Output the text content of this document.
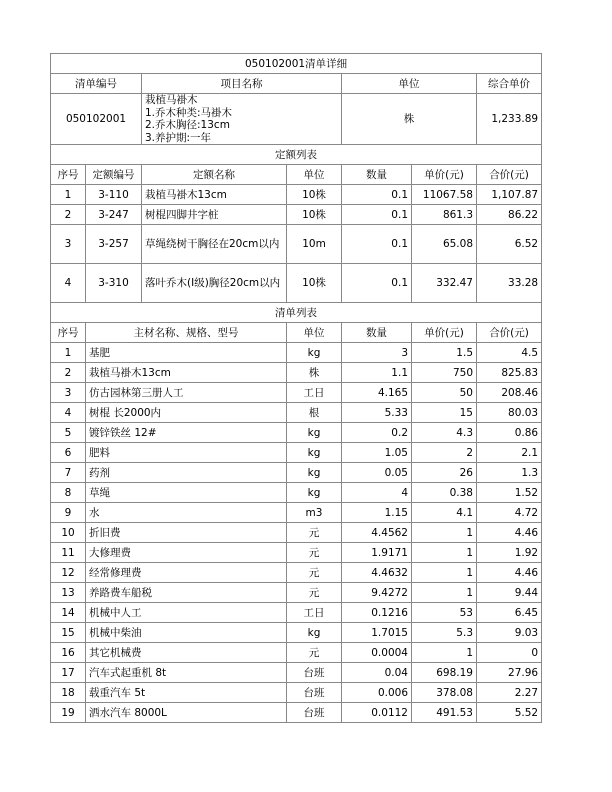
050102001清单详细						
清单编号		项目名称		单位		综合单价
050102001		栽植马褂木
1.乔木种类:马褂木
2.乔木胸径:13cm
3.养护期:一年		株		1,233.89
定额列表						
序号	定额编号	定额名称	单位	数量	单价(元)	合价(元)
1	3-110	栽植马褂木13cm	10株	0.1	11067.58	1,107.87
2	3-247	树棍四脚井字桩	10株	0.1	861.3	86.22
3	3-257	草绳绕树干胸径在20cm以内	10m	0.1	65.08	6.52
4	3-310	落叶乔木(I级)胸径20cm以内	10株	0.1	332.47	33.28
清单列表						
序号	主材名称、规格、型号		单位	数量	单价(元)	合价(元)
1	基肥		kg	3	1.5	4.5
2	栽植马褂木13cm		株	1.1	750	825.83
3	仿古园林第三册人工		工日	4.165	50	208.46
4	树棍 长2000内		根	5.33	15	80.03
5	镀锌铁丝 12#		kg	0.2	4.3	0.86
6	肥料		kg	1.05	2	2.1
7	药剂		kg	0.05	26	1.3
8	草绳		kg	4	0.38	1.52
9	水		m3	1.15	4.1	4.72
10	折旧费		元	4.4562	1	4.46
11	大修理费		元	1.9171	1	1.92
12	经常修理费		元	4.4632	1	4.46
13	养路费车船税		元	9.4272	1	9.44
14	机械中人工		工日	0.1216	53	6.45
15	机械中柴油		kg	1.7015	5.3	9.03
16	其它机械费		元	0.0004	1	0
17	汽车式起重机 8t		台班	0.04	698.19	27.96
18	载重汽车 5t		台班	0.006	378.08	2.27
19	洒水汽车 8000L		台班	0.0112	491.53	5.52
